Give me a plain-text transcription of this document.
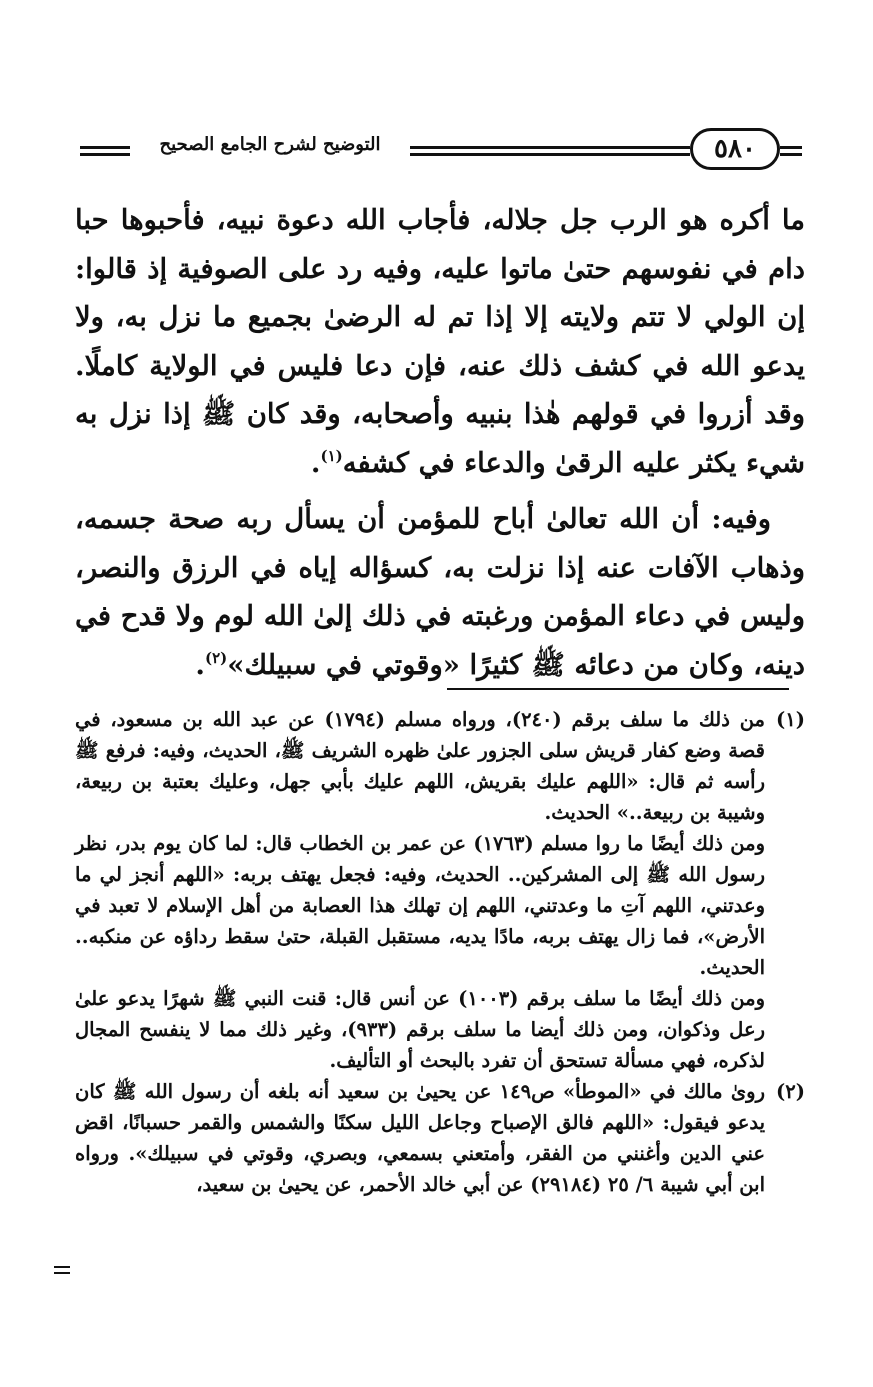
التوضيح لشرح الجامع الصحيح	٥٨٠

ما أكره هو الرب جل جلاله، فأجاب الله دعوة نبيه، فأحبوها حبا دام في نفوسهم حتىٰ ماتوا عليه، وفيه رد على الصوفية إذ قالوا: إن الولي لا تتم ولايته إلا إذا تم له الرضىٰ بجميع ما نزل به، ولا يدعو الله في كشف ذلك عنه، فإن دعا فليس في الولاية كاملًا. وقد أزروا في قولهم هٰذا بنبيه وأصحابه، وقد كان ﷺ إذا نزل به شيء يكثر عليه الرقىٰ والدعاء في كشفه$^{(١)}$.

وفيه: أن الله تعالىٰ أباح للمؤمن أن يسأل ربه صحة جسمه، وذهاب الآفات عنه إذا نزلت به، كسؤاله إياه في الرزق والنصر، وليس في دعاء المؤمن ورغبته في ذلك إلىٰ الله لوم ولا قدح في دينه، وكان من دعائه ﷺ كثيرًا «وقوتي في سبيلك»$^{(٢)}$.

(١)

من ذلك ما سلف برقم (٢٤٠)، ورواه مسلم (١٧٩٤) عن عبد الله بن مسعود، في قصة وضع كفار قريش سلى الجزور علىٰ ظهره الشريف ﷺ، الحديث، وفيه: فرفع ﷺ رأسه ثم قال: «اللهم عليك بقريش، اللهم عليك بأبي جهل، وعليك بعتبة بن ربيعة، وشيبة بن ربيعة..» الحديث.

ومن ذلك أيضًا ما روا مسلم (١٧٦٣) عن عمر بن الخطاب قال: لما كان يوم بدر، نظر رسول الله ﷺ إلى المشركين.. الحديث، وفيه: فجعل يهتف بربه: «اللهم أنجز لي ما وعدتني، اللهم آتِ ما وعدتني، اللهم إن تهلك هذا العصابة من أهل الإسلام لا تعبد في الأرض»، فما زال يهتف بربه، مادًا يديه، مستقبل القبلة، حتىٰ سقط رداؤه عن منكبه.. الحديث.

ومن ذلك أيضًا ما سلف برقم (١٠٠٣) عن أنس قال: قنت النبي ﷺ شهرًا يدعو علىٰ رعل وذكوان، ومن ذلك أيضا ما سلف برقم (٩٣٣)، وغير ذلك مما لا ينفسح المجال لذكره، فهي مسألة تستحق أن تفرد بالبحث أو التأليف.

(٢)

روىٰ مالك في «الموطأ» ص١٤٩ عن يحيىٰ بن سعيد أنه بلغه أن رسول الله ﷺ كان يدعو فيقول: «اللهم فالق الإصباح وجاعل الليل سكنًا والشمس والقمر حسبانًا، اقض عني الدين وأغنني من الفقر، وأمتعني بسمعي، وبصري، وقوتي في سبيلك». ورواه ابن أبي شيبة ٦/ ٢٥ (٢٩١٨٤) عن أبي خالد الأحمر، عن يحيىٰ بن سعيد،
